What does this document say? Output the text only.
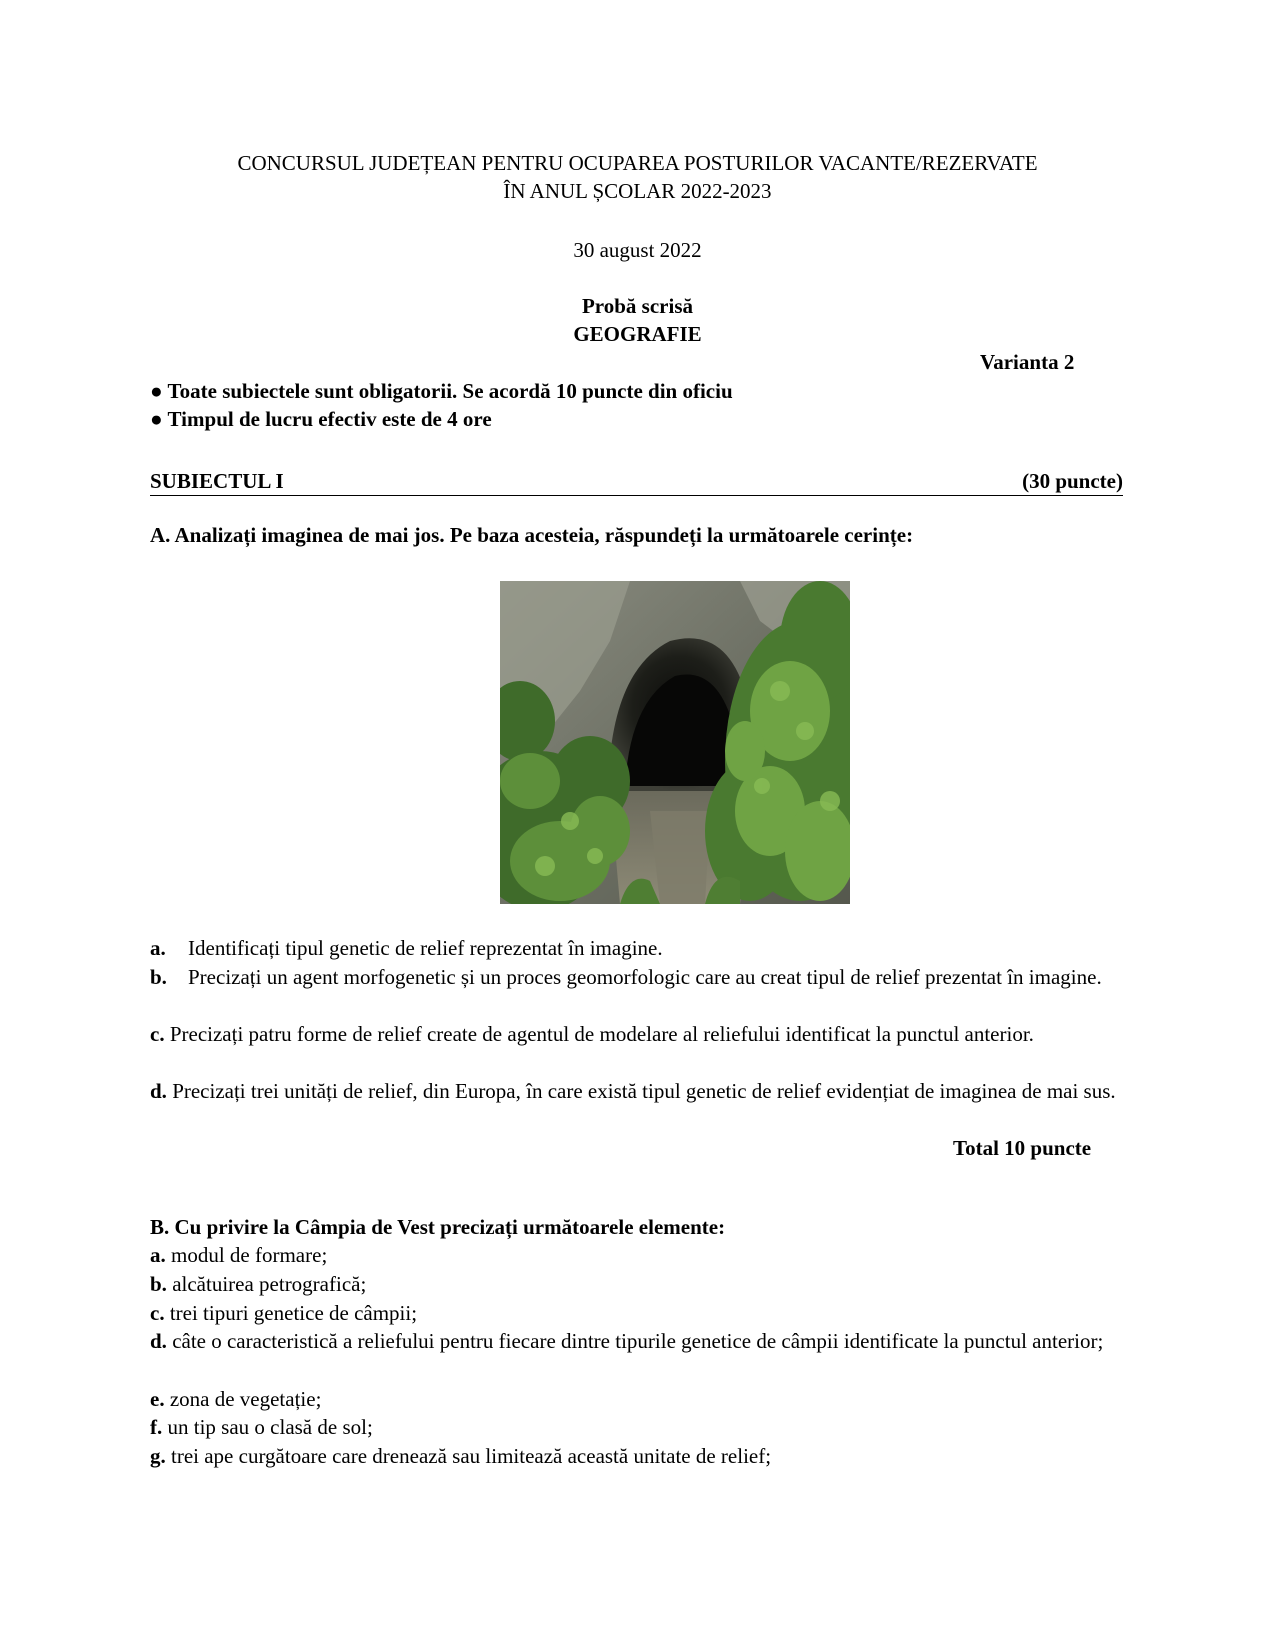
CONCURSUL JUDEȚEAN PENTRU OCUPAREA POSTURILOR VACANTE/REZERVATE
ÎN ANUL ȘCOLAR 2022-2023
30 august 2022
Probă scrisă
GEOGRAFIE
Varianta 2
● Toate subiectele sunt obligatorii. Se acordă 10 puncte din oficiu
● Timpul de lucru efectiv este de 4 ore
SUBIECTUL I	(30 puncte)
A. Analizați imaginea de mai jos. Pe baza acesteia, răspundeți la următoarele cerințe:
a. Identificați tipul genetic de relief reprezentat în imagine.
b. Precizați un agent morfogenetic și un proces geomorfologic care au creat tipul de relief prezentat în imagine.
c. Precizați patru forme de relief create de agentul de modelare al reliefului identificat la punctul anterior.
d. Precizați trei unități de relief, din Europa, în care există tipul genetic de relief evidențiat de imaginea de mai sus.
Total 10 puncte
B. Cu privire la Câmpia de Vest precizați următoarele elemente:
a. modul de formare;
b. alcătuirea petrografică;
c. trei tipuri genetice de câmpii;
d. câte o caracteristică a reliefului pentru fiecare dintre tipurile genetice de câmpii identificate la punctul anterior;
e. zona de vegetație;
f. un tip sau o clasă de sol;
g. trei ape curgătoare care drenează sau limitează această unitate de relief;
